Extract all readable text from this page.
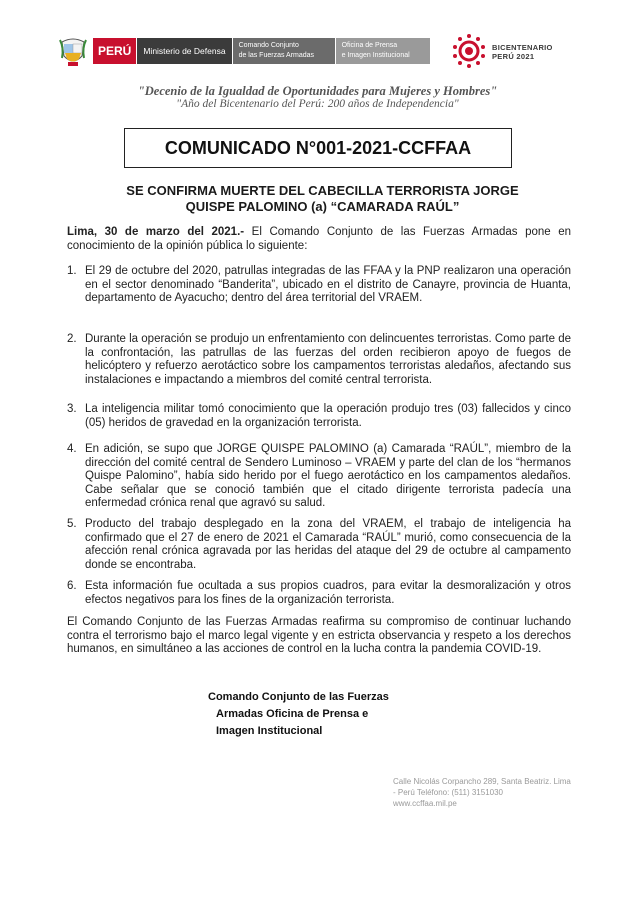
PERÚ	Ministerio de Defensa
Comando Conjunto
de las Fuerzas Armadas
Oficina de Prensa
e Imagen Institucional
BICENTENARIO
PERÚ 2021
"Decenio de la Igualdad de Oportunidades para Mujeres y Hombres"
"Año del Bicentenario del Perú: 200 años de Independencia"
COMUNICADO N°001-2021-CCFFAA
SE CONFIRMA MUERTE DEL CABECILLA TERRORISTA JORGE
QUISPE PALOMINO (a) “CAMARADA RAÚL”
Lima, 30 de marzo del 2021.- El Comando Conjunto de las Fuerzas Armadas pone en conocimiento de la opinión pública lo siguiente:
1. El 29 de octubre del 2020, patrullas integradas de las FFAA y la PNP realizaron una operación en el sector denominado “Banderita”, ubicado en el distrito de Canayre, provincia de Huanta, departamento de Ayacucho; dentro del área territorial del VRAEM.
2. Durante la operación se produjo un enfrentamiento con delincuentes terroristas. Como parte de la confrontación, las patrullas de las fuerzas del orden recibieron apoyo de fuegos de helicóptero y refuerzo aerotáctico sobre los campamentos terroristas aledaños, afectando sus instalaciones e impactando a miembros del comité central terrorista.
3. La inteligencia militar tomó conocimiento que la operación produjo tres (03) fallecidos y cinco (05) heridos de gravedad en la organización terrorista.
4. En adición, se supo que JORGE QUISPE PALOMINO (a) Camarada “RAÚL”, miembro de la dirección del comité central de Sendero Luminoso – VRAEM y parte del clan de los “hermanos Quispe Palomino”, había sido herido por el fuego aerotáctico en los campamentos aledaños. Cabe señalar que se conoció también que el citado dirigente terrorista padecía una enfermedad crónica renal que agravó su salud.
5. Producto del trabajo desplegado en la zona del VRAEM, el trabajo de inteligencia ha confirmado que el 27 de enero de 2021 el Camarada “RAÚL” murió, como consecuencia de la afección renal crónica agravada por las heridas del ataque del 29 de octubre al campamento donde se encontraba.
6. Esta información fue ocultada a sus propios cuadros, para evitar la desmoralización y otros efectos negativos para los fines de la organización terrorista.
El Comando Conjunto de las Fuerzas Armadas reafirma su compromiso de continuar luchando contra el terrorismo bajo el marco legal vigente y en estricta observancia y respeto a los derechos humanos, en simultáneo a las acciones de control en la lucha contra la pandemia COVID-19.
Comando Conjunto de las Fuerzas
Armadas Oficina de Prensa e
Imagen Institucional
Calle Nicolás Corpancho 289, Santa Beatriz. Lima
- Perú Teléfono: (511) 3151030
www.ccffaa.mil.pe
